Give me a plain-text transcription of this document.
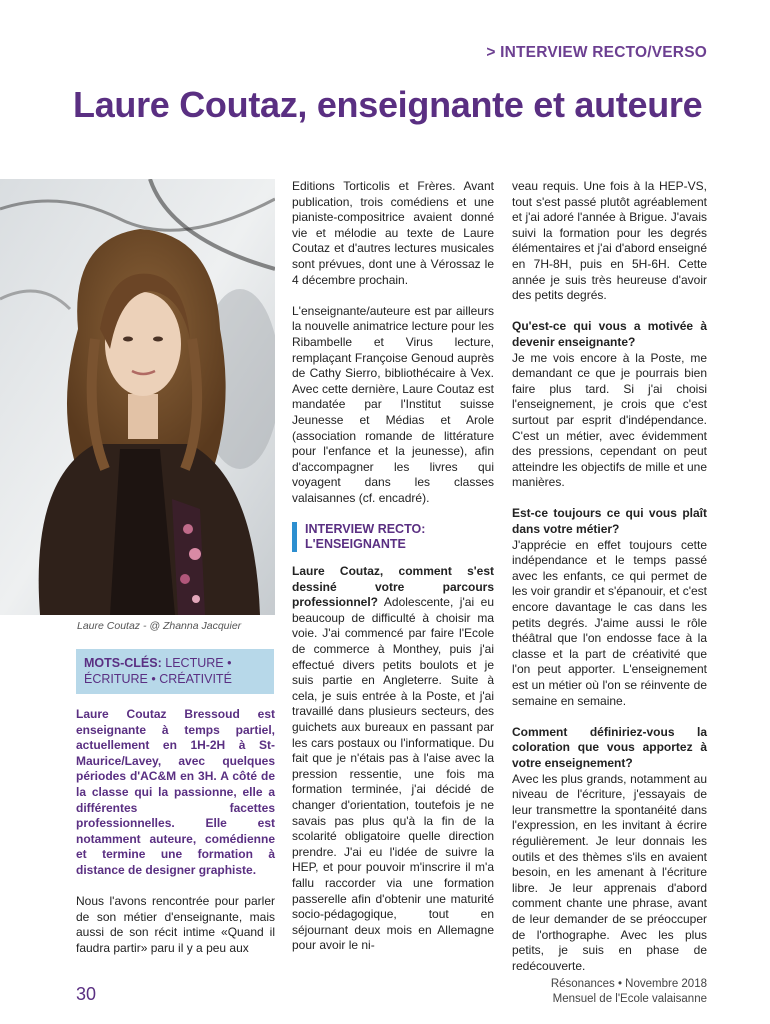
> INTERVIEW RECTO/VERSO
Laure Coutaz, enseignante et auteure
Laure Coutaz - @ Zhanna Jacquier
MOTS-CLÉS: LECTURE • ÉCRITURE • CRÉATIVITÉ

Laure Coutaz Bressoud est enseignante à temps partiel, actuellement en 1H-2H à St-Maurice/Lavey, avec quelques périodes d'AC&M en 3H. A côté de la classe qui la passionne, elle a différentes facettes professionnelles. Elle est notamment auteure, comédienne et termine une formation à distance de designer graphiste.

Nous l'avons rencontrée pour parler de son métier d'enseignante, mais aussi de son récit intime «Quand il faudra partir» paru il y a peu aux

Editions Torticolis et Frères. Avant publication, trois comédiens et une pianiste-compositrice avaient donné vie et mélodie au texte de Laure Coutaz et d'autres lectures musicales sont prévues, dont une à Vérossaz le 4 décembre prochain.

L'enseignante/auteure est par ailleurs la nouvelle animatrice lecture pour les Ribambelle et Virus lecture, remplaçant Françoise Genoud auprès de Cathy Sierro, bibliothécaire à Vex. Avec cette dernière, Laure Coutaz est mandatée par l'Institut suisse Jeunesse et Médias et Arole (association romande de littérature pour l'enfance et la jeunesse), afin d'accompagner les livres qui voyagent dans les classes valaisannes (cf. encadré).

INTERVIEW RECTO:
L'ENSEIGNANTE

Laure Coutaz, comment s'est dessiné votre parcours professionnel? Adolescente, j'ai eu beaucoup de difficulté à choisir ma voie. J'ai commencé par faire l'Ecole de commerce à Monthey, puis j'ai effectué divers petits boulots et je suis partie en Angleterre. Suite à cela, je suis entrée à la Poste, et j'ai travaillé dans plusieurs secteurs, des guichets aux bureaux en passant par les cars postaux ou l'informatique. Du fait que je n'étais pas à l'aise avec la pression ressentie, une fois ma formation terminée, j'ai décidé de changer d'orientation, toutefois je ne savais pas plus qu'à la fin de la scolarité obligatoire quelle direction prendre. J'ai eu l'idée de suivre la HEP, et pour pouvoir m'inscrire il m'a fallu raccorder via une formation passerelle afin d'obtenir une maturité socio-pédagogique, tout en séjournant deux mois en Allemagne pour avoir le ni-

veau requis. Une fois à la HEP-VS, tout s'est passé plutôt agréablement et j'ai adoré l'année à Brigue. J'avais suivi la formation pour les degrés élémentaires et j'ai d'abord enseigné en 7H-8H, puis en 5H-6H. Cette année je suis très heureuse d'avoir des petits degrés.

Qu'est-ce qui vous a motivée à devenir enseignante?

Je me vois encore à la Poste, me demandant ce que je pourrais bien faire plus tard. Si j'ai choisi l'enseignement, je crois que c'est surtout par esprit d'indépendance. C'est un métier, avec évidemment des pressions, cependant on peut atteindre les objectifs de mille et une manières.

Est-ce toujours ce qui vous plaît dans votre métier?

J'apprécie en effet toujours cette indépendance et le temps passé avec les enfants, ce qui permet de les voir grandir et s'épanouir, et c'est encore davantage le cas dans les petits degrés. J'aime aussi le rôle théâtral que l'on endosse face à la classe et la part de créativité que l'on peut apporter. L'enseignement est un métier où l'on se réinvente de semaine en semaine.

Comment définiriez-vous la coloration que vous apportez à votre enseignement?

Avec les plus grands, notamment au niveau de l'écriture, j'essayais de leur transmettre la spontanéité dans l'expression, en les invitant à écrire régulièrement. Je leur donnais les outils et des thèmes s'ils en avaient besoin, en les amenant à l'écriture libre. Je leur apprenais d'abord comment chante une phrase, avant de leur demander de se préoccuper de l'orthographe. Avec les plus petits, je suis en phase de redécouverte.

30	Résonances • Novembre 2018
Mensuel de l'Ecole valaisanne
